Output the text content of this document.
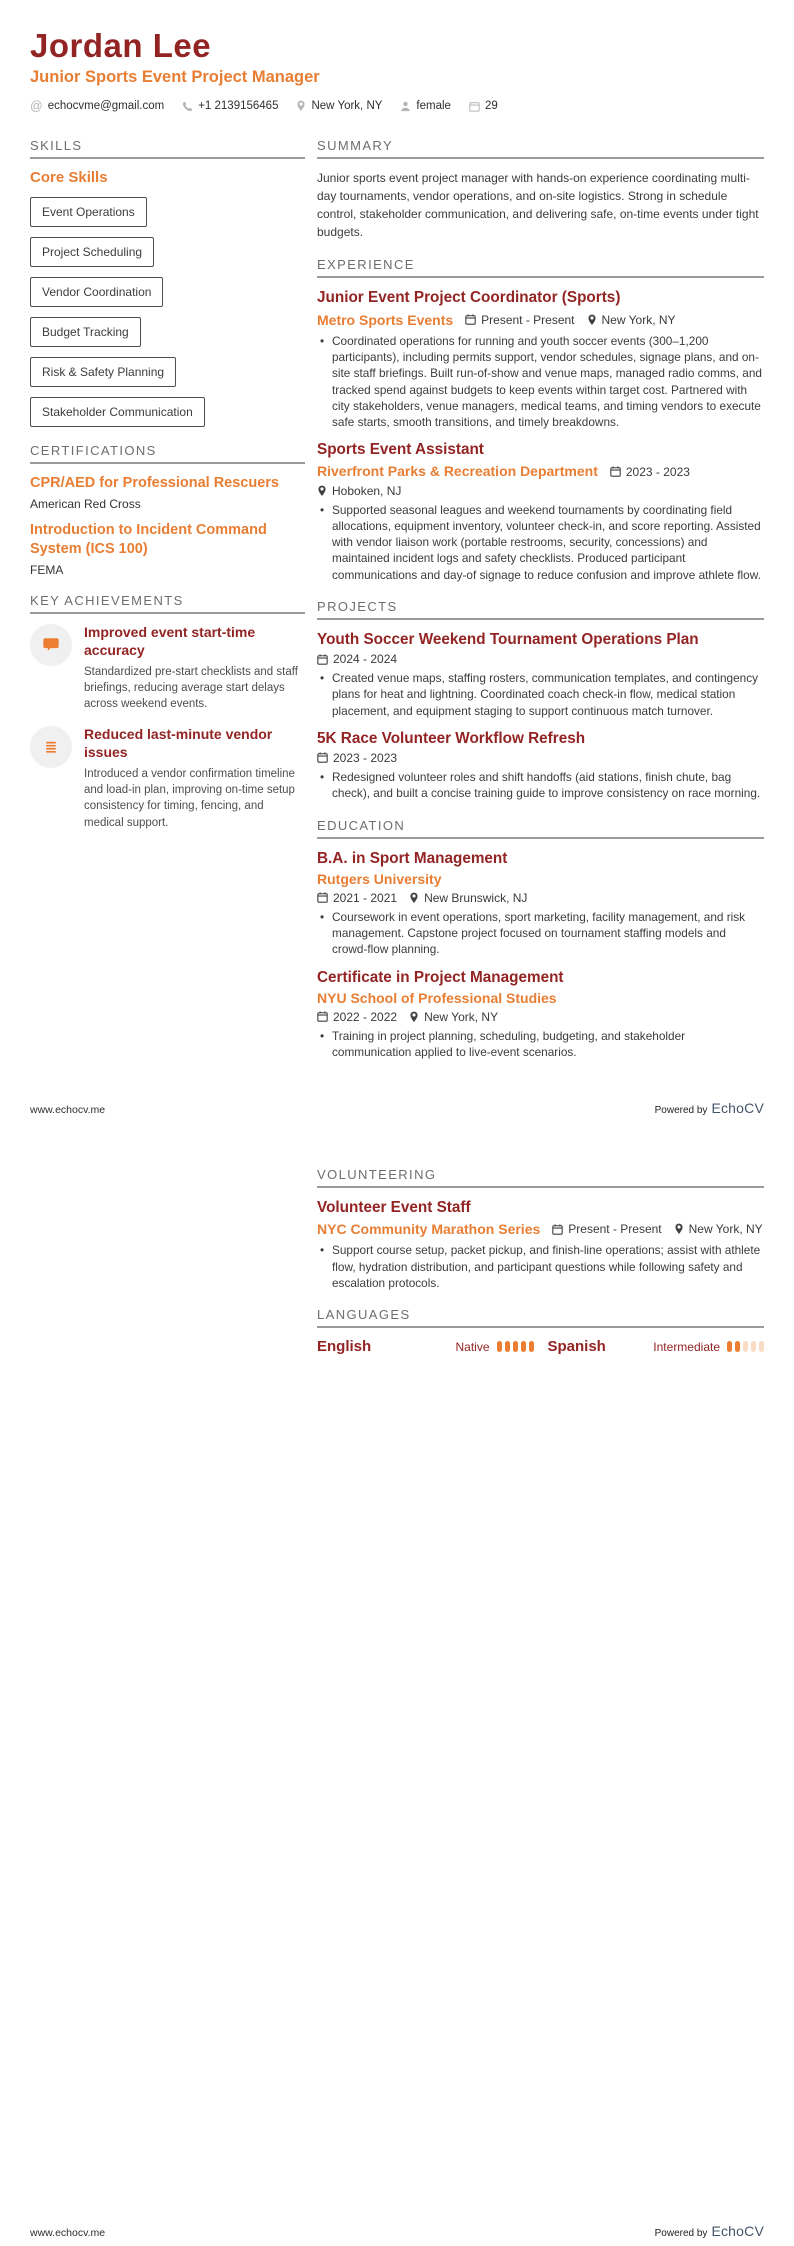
Jordan Lee
Junior Sports Event Project Manager
@ echocvme@gmail.com	+1 2139156465	New York, NY	female	29
SKILLS
Core Skills
Event Operations
Project Scheduling
Vendor Coordination
Budget Tracking
Risk & Safety Planning
Stakeholder Communication
CERTIFICATIONS
CPR/AED for Professional Rescuers
American Red Cross
Introduction to Incident Command System (ICS 100)
FEMA
KEY ACHIEVEMENTS
Improved event start-time accuracy
Standardized pre-start checklists and staff briefings, reducing average start delays across weekend events.
Reduced last-minute vendor issues
Introduced a vendor confirmation timeline and load-in plan, improving on-time setup consistency for timing, fencing, and medical support.
SUMMARY
Junior sports event project manager with hands-on experience coordinating multi-day tournaments, vendor operations, and on-site logistics. Strong in schedule control, stakeholder communication, and delivering safe, on-time events under tight budgets.
EXPERIENCE
Junior Event Project Coordinator (Sports)
Metro Sports Events Present - Present New York, NY
• Coordinated operations for running and youth soccer events (300–1,200 participants), including permits support, vendor schedules, signage plans, and on-site staff briefings. Built run-of-show and venue maps, managed radio comms, and tracked spend against budgets to keep events within target cost. Partnered with city stakeholders, venue managers, medical teams, and timing vendors to execute safe starts, smooth transitions, and timely breakdowns.
Sports Event Assistant
Riverfront Parks & Recreation Department 2023 - 2023
Hoboken, NJ
• Supported seasonal leagues and weekend tournaments by coordinating field allocations, equipment inventory, volunteer check-in, and score reporting. Assisted with vendor liaison work (portable restrooms, security, concessions) and maintained incident logs and safety checklists. Produced participant communications and day-of signage to reduce confusion and improve athlete flow.
PROJECTS
Youth Soccer Weekend Tournament Operations Plan
2024 - 2024
• Created venue maps, staffing rosters, communication templates, and contingency plans for heat and lightning. Coordinated coach check-in flow, medical station placement, and equipment staging to support continuous match turnover.
5K Race Volunteer Workflow Refresh
2023 - 2023
• Redesigned volunteer roles and shift handoffs (aid stations, finish chute, bag check), and built a concise training guide to improve consistency on race morning.
EDUCATION
B.A. in Sport Management
Rutgers University
2021 - 2021 New Brunswick, NJ
• Coursework in event operations, sport marketing, facility management, and risk management. Capstone project focused on tournament staffing models and crowd-flow planning.
Certificate in Project Management
NYU School of Professional Studies
2022 - 2022 New York, NY
• Training in project planning, scheduling, budgeting, and stakeholder communication applied to live-event scenarios.
www.echocv.me	Powered by EchoCV
VOLUNTEERING
Volunteer Event Staff
NYC Community Marathon Series Present - Present New York, NY
• Support course setup, packet pickup, and finish-line operations; assist with athlete flow, hydration distribution, and participant questions while following safety and escalation protocols.
LANGUAGES
English	Native	Spanish	Intermediate
www.echocv.me	Powered by EchoCV
